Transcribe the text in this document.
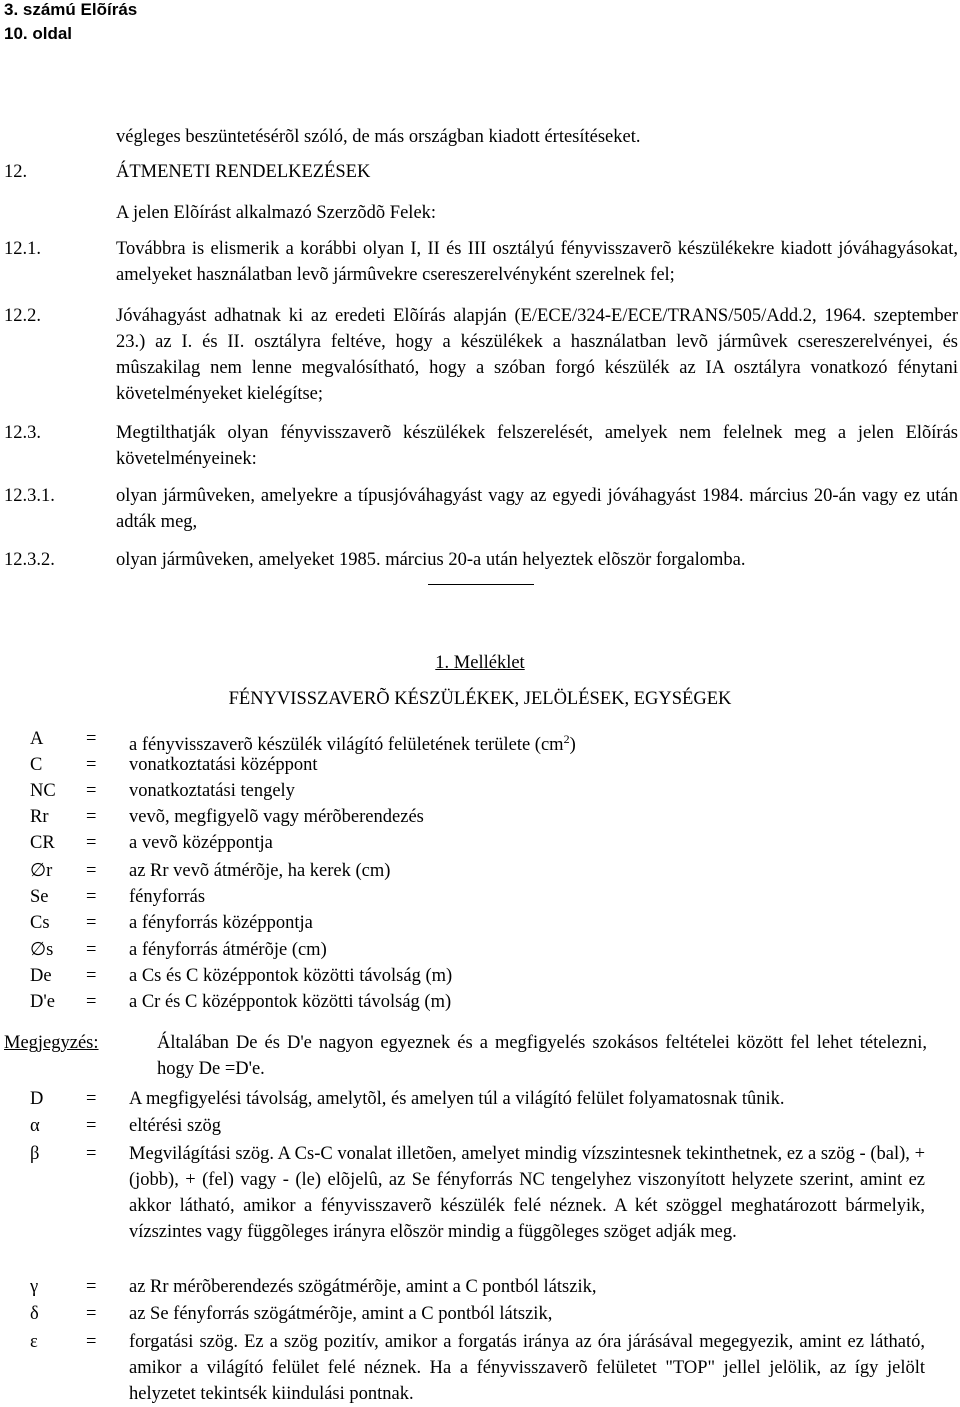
3. számú Elõírás
10. oldal
végleges beszüntetésérõl szóló, de más országban kiadott értesítéseket.
12.	ÁTMENETI RENDELKEZÉSEK
A jelen Elõírást alkalmazó Szerzõdõ Felek:
12.1.	Továbbra is elismerik a korábbi olyan I, II és III osztályú fényvisszaverõ készülékekre kiadott jóváhagyásokat, amelyeket használatban levõ jármûvekre csereszerelvényként szerelnek fel;
12.2.	Jóváhagyást adhatnak ki az eredeti Elõírás alapján (E/ECE/324-E/ECE/TRANS/505/Add.2, 1964. szeptember 23.) az I. és II. osztályra feltéve, hogy a készülékek a használatban levõ jármûvek csereszerelvényei, és mûszakilag nem lenne megvalósítható, hogy a szóban forgó készülék az IA osztályra vonatkozó fénytani követelményeket kielégítse;
12.3.	Megtilthatják olyan fényvisszaverõ készülékek felszerelését, amelyek nem felelnek meg a jelen Elõírás követelményeinek:
12.3.1.	olyan jármûveken, amelyekre a típusjóváhagyást vagy az egyedi jóváhagyást 1984. március 20-án vagy ez után adták meg,
12.3.2.	olyan jármûveken, amelyeket 1985. március 20-a után helyeztek elõször forgalomba.
1. Melléklet
FÉNYVISSZAVERÕ KÉSZÜLÉKEK, JELÖLÉSEK, EGYSÉGEK
A = a fényvisszaverõ készülék világító felületének területe $(cm^2)$
C = vonatkoztatási középpont
NC = vonatkoztatási tengely
Rr = vevõ, megfigyelõ vagy mérõberendezés
CR = a vevõ középpontja
∅r = az Rr vevõ átmérõje, ha kerek (cm)
Se = fényforrás
Cs = a fényforrás középpontja
∅s = a fényforrás átmérõje (cm)
De = a Cs és C középpontok közötti távolság (m)
D'e = a Cr és C középpontok közötti távolság (m)
Megjegyzés:	Általában De és D'e nagyon egyeznek és a megfigyelés szokásos feltételei között fel lehet tételezni, hogy De =D'e.
D = A megfigyelési távolság, amelytõl, és amelyen túl a világító felület folyamatosnak tûnik.
α	= eltérési szög
β	= Megvilágítási szög. A Cs-C vonalat illetõen, amelyet mindig vízszintesnek tekinthetnek, ez a szög - (bal), + (jobb), + (fel) vagy - (le) elõjelû, az Se fényforrás NC tengelyhez viszonyított helyzete szerint, amint ez akkor látható, amikor a fényvisszaverõ készülék felé néznek. A két szöggel meghatározott bármelyik, vízszintes vagy függõleges irányra elõször mindig a függõleges szöget adják meg.
γ	= az Rr mérõberendezés szögátmérõje, amint a C pontból látszik,
δ	= az Se fényforrás szögátmérõje, amint a C pontból látszik,
ε	= forgatási szög. Ez a szög pozitív, amikor a forgatás iránya az óra járásával megegyezik, amint ez látható, amikor a világító felület felé néznek. Ha a fényvisszaverõ felületet "TOP" jellel jelölik, az így jelölt helyzetet tekintsék kiindulási pontnak.
